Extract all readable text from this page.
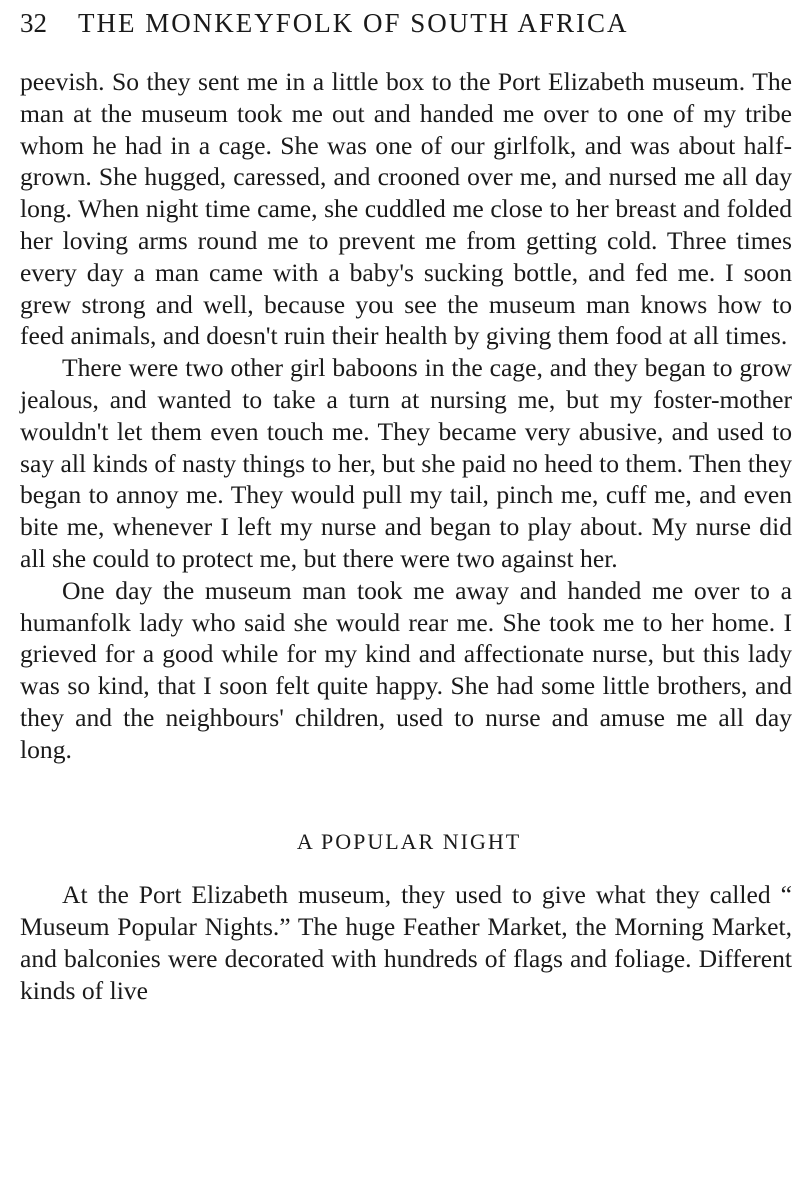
32	THE MONKEYFOLK OF SOUTH AFRICA

peevish. So they sent me in a little box to the Port Elizabeth museum. The man at the museum took me out and handed me over to one of my tribe whom he had in a cage. She was one of our girlfolk, and was about half-grown. She hugged, caressed, and crooned over me, and nursed me all day long. When night time came, she cuddled me close to her breast and folded her loving arms round me to prevent me from getting cold. Three times every day a man came with a baby's sucking bottle, and fed me. I soon grew strong and well, because you see the museum man knows how to feed animals, and doesn't ruin their health by giving them food at all times.

There were two other girl baboons in the cage, and they began to grow jealous, and wanted to take a turn at nursing me, but my foster-mother wouldn't let them even touch me. They became very abusive, and used to say all kinds of nasty things to her, but she paid no heed to them. Then they began to annoy me. They would pull my tail, pinch me, cuff me, and even bite me, whenever I left my nurse and began to play about. My nurse did all she could to protect me, but there were two against her.

One day the museum man took me away and handed me over to a humanfolk lady who said she would rear me. She took me to her home. I grieved for a good while for my kind and affectionate nurse, but this lady was so kind, that I soon felt quite happy. She had some little brothers, and they and the neighbours' children, used to nurse and amuse me all day long.

A POPULAR NIGHT

At the Port Elizabeth museum, they used to give what they called “ Museum Popular Nights.” The huge Feather Market, the Morning Market, and balconies were decorated with hundreds of flags and foliage. Different kinds of live
